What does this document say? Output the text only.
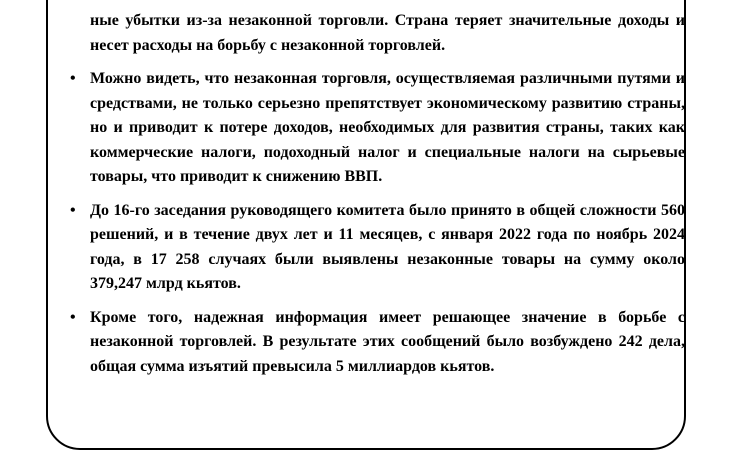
ные убытки из-за незаконной торговли. Страна теряет значительные доходы и несет расходы на борьбу с незаконной торговлей.
• Можно видеть, что незаконная торговля, осуществляемая различными путями и средствами, не только серьезно препятствует экономическому развитию страны, но и приводит к потере доходов, необходимых для развития страны, таких как коммерческие налоги, подоходный налог и специальные налоги на сырьевые товары, что приводит к снижению ВВП.
• До 16-го заседания руководящего комитета было принято в общей сложности 560 решений, и в течение двух лет и 11 месяцев, с января 2022 года по ноябрь 2024 года, в 17 258 случаях были выявлены незаконные товары на сумму около 379,247 млрд кьятов.
• Кроме того, надежная информация имеет решающее значение в борьбе с незаконной торговлей. В результате этих сообщений было возбуждено 242 дела, общая сумма изъятий превысила 5 миллиардов кьятов.
